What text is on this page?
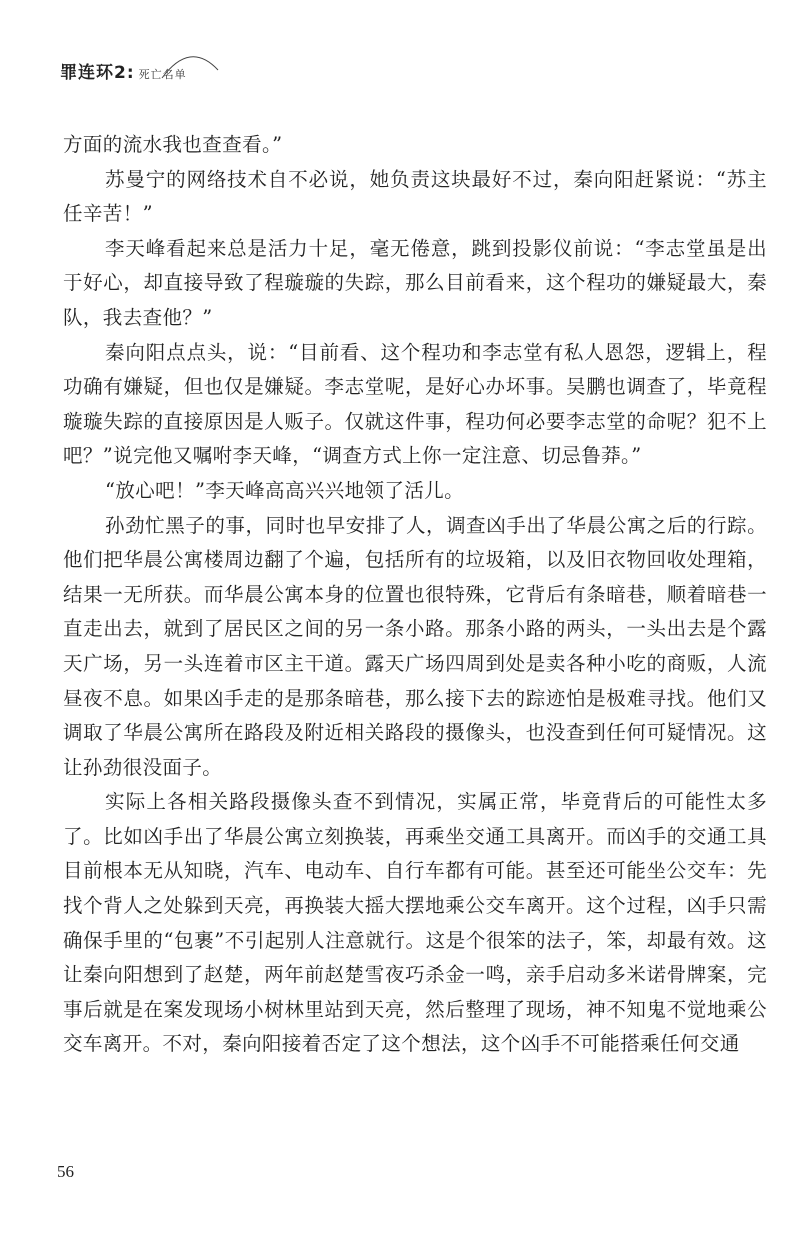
罪连环2: 死亡名单

方面的流水我也查查看。”

苏曼宁的网络技术自不必说，她负责这块最好不过，秦向阳赶紧说：“苏主任辛苦！”

李天峰看起来总是活力十足，毫无倦意，跳到投影仪前说：“李志堂虽是出于好心，却直接导致了程璇璇的失踪，那么目前看来，这个程功的嫌疑最大，秦队，我去查他？”

秦向阳点点头，说：“目前看、这个程功和李志堂有私人恩怨，逻辑上，程功确有嫌疑，但也仅是嫌疑。李志堂呢，是好心办坏事。吴鹏也调查了，毕竟程璇璇失踪的直接原因是人贩子。仅就这件事，程功何必要李志堂的命呢？犯不上吧？”说完他又嘱咐李天峰，“调查方式上你一定注意、切忌鲁莽。”

“放心吧！”李天峰高高兴兴地领了活儿。

孙劲忙黑子的事，同时也早安排了人，调查凶手出了华晨公寓之后的行踪。他们把华晨公寓楼周边翻了个遍，包括所有的垃圾箱，以及旧衣物回收处理箱，结果一无所获。而华晨公寓本身的位置也很特殊，它背后有条暗巷，顺着暗巷一直走出去，就到了居民区之间的另一条小路。那条小路的两头，一头出去是个露天广场，另一头连着市区主干道。露天广场四周到处是卖各种小吃的商贩，人流昼夜不息。如果凶手走的是那条暗巷，那么接下去的踪迹怕是极难寻找。他们又调取了华晨公寓所在路段及附近相关路段的摄像头，也没查到任何可疑情况。这让孙劲很没面子。

实际上各相关路段摄像头查不到情况，实属正常，毕竟背后的可能性太多了。比如凶手出了华晨公寓立刻换装，再乘坐交通工具离开。而凶手的交通工具目前根本无从知晓，汽车、电动车、自行车都有可能。甚至还可能坐公交车：先找个背人之处躲到天亮，再换装大摇大摆地乘公交车离开。这个过程，凶手只需确保手里的“包裹”不引起别人注意就行。这是个很笨的法子，笨，却最有效。这让秦向阳想到了赵楚，两年前赵楚雪夜巧杀金一鸣，亲手启动多米诺骨牌案，完事后就是在案发现场小树林里站到天亮，然后整理了现场，神不知鬼不觉地乘公交车离开。不对，秦向阳接着否定了这个想法，这个凶手不可能搭乘任何交通

56
